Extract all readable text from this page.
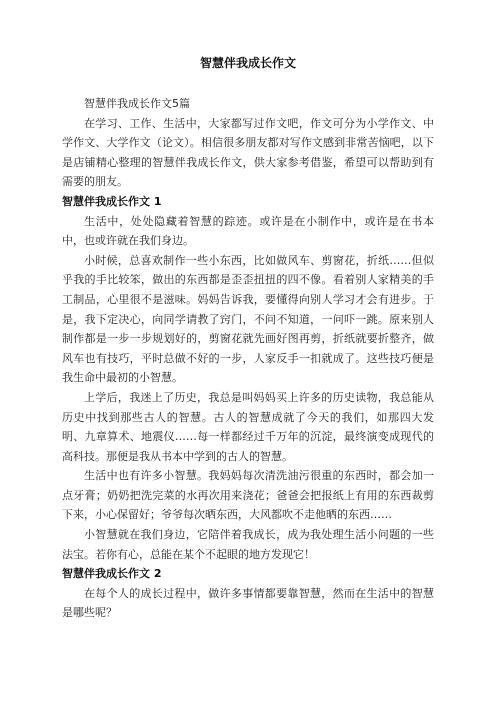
智慧伴我成长作文

智慧伴我成长作文5篇

在学习、工作、生活中，大家都写过作文吧，作文可分为小学作文、中学作文、大学作文（论文）。相信很多朋友都对写作文感到非常苦恼吧，以下是店铺精心整理的智慧伴我成长作文，供大家参考借鉴，希望可以帮助到有需要的朋友。

智慧伴我成长作文 1

生活中，处处隐藏着智慧的踪迹。或许是在小制作中，或许是在书本中，也或许就在我们身边。

小时候，总喜欢制作一些小东西，比如做风车、剪窗花，折纸……但似乎我的手比较笨，做出的东西都是歪歪扭扭的四不像。看着别人家精美的手工制品，心里很不是滋味。妈妈告诉我，要懂得向别人学习才会有进步。于是，我下定决心，向同学请教了窍门，不问不知道，一问吓一跳。原来别人制作都是一步一步规划好的，剪窗花就先画好图再剪，折纸就要折整齐，做风车也有技巧，平时总做不好的一步，人家反手一扣就成了。这些技巧便是我生命中最初的小智慧。

上学后，我迷上了历史，我总是叫妈妈买上许多的历史读物，我总能从历史中找到那些古人的智慧。古人的智慧成就了今天的我们，如那四大发明、九章算术、地震仪……每一样都经过千万年的沉淀，最终演变成现代的高科技。那便是我从书本中学到的古人的智慧。

生活中也有许多小智慧。我妈妈每次清洗油污很重的东西时，都会加一点牙膏；奶奶把洗完菜的水再次用来浇花；爸爸会把报纸上有用的东西裁剪下来，小心保留好；爷爷每次晒东西，大风都吹不走他晒的东西……

小智慧就在我们身边，它陪伴着我成长，成为我处理生活小问题的一些法宝。若你有心，总能在某个不起眼的地方发现它！

智慧伴我成长作文 2

在每个人的成长过程中，做许多事情都要靠智慧，然而在生活中的智慧是哪些呢？
